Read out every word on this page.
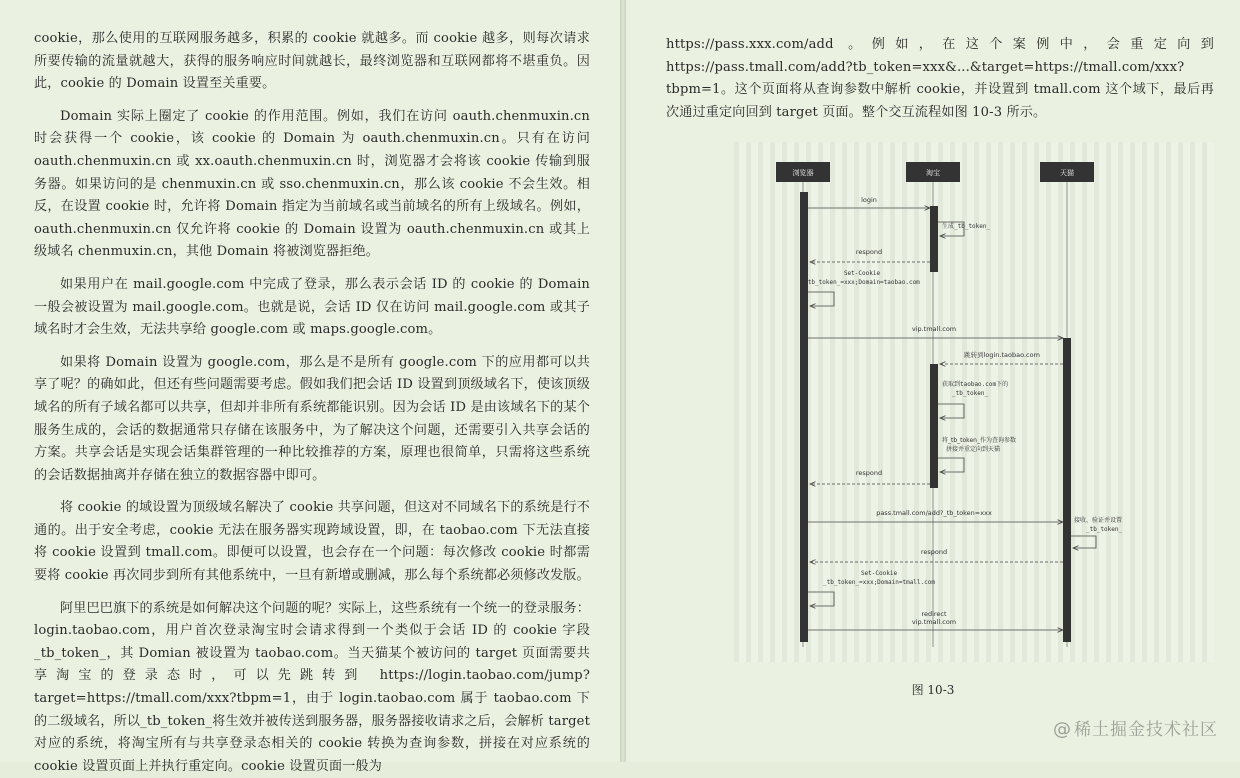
cookie，那么使用的互联网服务越多，积累的 cookie 就越多。而 cookie 越多，则每次请求所要传输的流量就越大，获得的服务响应时间就越长，最终浏览器和互联网都将不堪重负。因此，cookie 的 Domain 设置至关重要。

Domain 实际上圈定了 cookie 的作用范围。例如，我们在访问 oauth.chenmuxin.cn 时会获得一个 cookie，该 cookie 的 Domain 为 oauth.chenmuxin.cn。只有在访问 oauth.chenmuxin.cn 或 xx.oauth.chenmuxin.cn 时，浏览器才会将该 cookie 传输到服务器。如果访问的是 chenmuxin.cn 或 sso.chenmuxin.cn，那么该 cookie 不会生效。相反，在设置 cookie 时，允许将 Domain 指定为当前域名或当前域名的所有上级域名。例如，oauth.chenmuxin.cn 仅允许将 cookie 的 Domain 设置为 oauth.chenmuxin.cn 或其上级域名 chenmuxin.cn，其他 Domain 将被浏览器拒绝。

如果用户在 mail.google.com 中完成了登录，那么表示会话 ID 的 cookie 的 Domain 一般会被设置为 mail.google.com。也就是说，会话 ID 仅在访问 mail.google.com 或其子域名时才会生效，无法共享给 google.com 或 maps.google.com。

如果将 Domain 设置为 google.com，那么是不是所有 google.com 下的应用都可以共享了呢？的确如此，但还有些问题需要考虑。假如我们把会话 ID 设置到顶级域名下，使该顶级域名的所有子域名都可以共享，但却并非所有系统都能识别。因为会话 ID 是由该域名下的某个服务生成的，会话的数据通常只存储在该服务中，为了解决这个问题，还需要引入共享会话的方案。共享会话是实现会话集群管理的一种比较推荐的方案，原理也很简单，只需将这些系统的会话数据抽离并存储在独立的数据容器中即可。

将 cookie 的域设置为顶级域名解决了 cookie 共享问题，但这对不同域名下的系统是行不通的。出于安全考虑，cookie 无法在服务器实现跨域设置，即，在 taobao.com 下无法直接将 cookie 设置到 tmall.com。即便可以设置，也会存在一个问题：每次修改 cookie 时都需要将 cookie 再次同步到所有其他系统中，一旦有新增或删减，那么每个系统都必须修改发版。

阿里巴巴旗下的系统是如何解决这个问题的呢？实际上，这些系统有一个统一的登录服务：login.taobao.com，用户首次登录淘宝时会请求得到一个类似于会话 ID 的 cookie 字段_tb_token_，其 Domian 被设置为 taobao.com。当天猫某个被访问的 target 页面需要共享淘宝的登录态时，可以先跳转到 https://login.taobao.com/jump?target=https://tmall.com/xxx?tbpm=1，由于 login.taobao.com 属于 taobao.com 下的二级域名，所以_tb_token_将生效并被传送到服务器，服务器接收请求之后，会解析 target 对应的系统，将淘宝所有与共享登录态相关的 cookie 转换为查询参数，拼接在对应系统的 cookie 设置页面上并执行重定向。cookie 设置页面一般为

https://pass.xxx.com/add 。例如，在这个案例中，会重定向到 https://pass.tmall.com/add?tb_token=xxx&...&target=https://tmall.com/xxx?tbpm=1。这个页面将从查询参数中解析 cookie，并设置到 tmall.com 这个域下，最后再次通过重定向回到 target 页面。整个交互流程如图 10-3 所示。

浏览器	淘宝	天猫
login
生成_tb_token_
respond
Set-Cookie
_tb_token_=xxx;Domain=taobao.com
vip.tmall.com
跳转到login.taobao.com
获取到taobao.com下的
_tb_token_
将_tb_token_作为查询参数
拼接并重定向到天猫
respond
pass.tmall.com/add?_tb_token=xxx
接收、验证并设置
_tb_token_
respond
Set-Cookie
_tb_token_=xxx;Domain=tmall.com
redirect
vip.tmall.com
图 10-3
@ 稀土掘金技术社区
